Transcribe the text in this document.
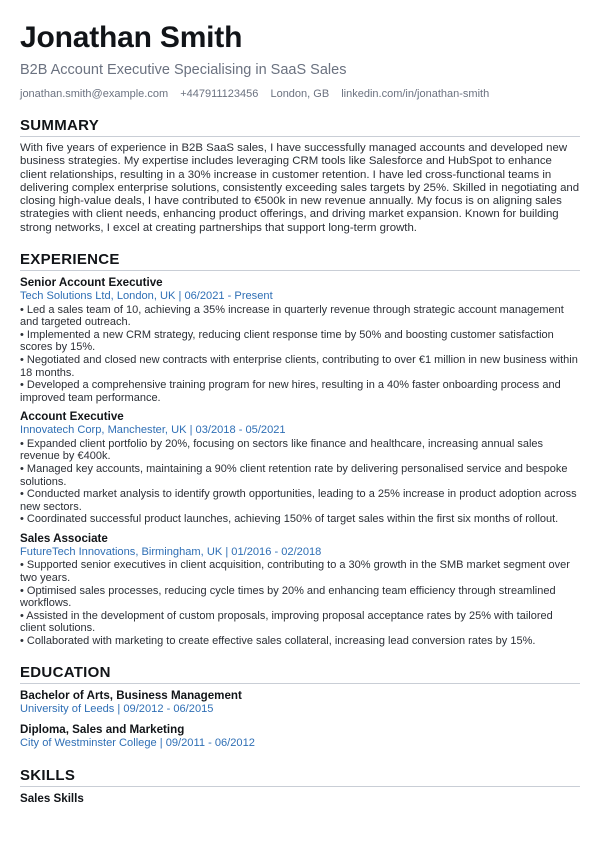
Jonathan Smith
B2B Account Executive Specialising in SaaS Sales
jonathan.smith@example.com +447911123456 London, GB linkedin.com/in/jonathan-smith
SUMMARY
With five years of experience in B2B SaaS sales, I have successfully managed accounts and developed new business strategies. My expertise includes leveraging CRM tools like Salesforce and HubSpot to enhance client relationships, resulting in a 30% increase in customer retention. I have led cross-functional teams in delivering complex enterprise solutions, consistently exceeding sales targets by 25%. Skilled in negotiating and closing high-value deals, I have contributed to €500k in new revenue annually. My focus is on aligning sales strategies with client needs, enhancing product offerings, and driving market expansion. Known for building strong networks, I excel at creating partnerships that support long-term growth.
EXPERIENCE
Senior Account Executive
Tech Solutions Ltd, London, UK | 06/2021 - Present
• Led a sales team of 10, achieving a 35% increase in quarterly revenue through strategic account management and targeted outreach.
• Implemented a new CRM strategy, reducing client response time by 50% and boosting customer satisfaction scores by 15%.
• Negotiated and closed new contracts with enterprise clients, contributing to over €1 million in new business within 18 months.
• Developed a comprehensive training program for new hires, resulting in a 40% faster onboarding process and improved team performance.
Account Executive
Innovatech Corp, Manchester, UK | 03/2018 - 05/2021
• Expanded client portfolio by 20%, focusing on sectors like finance and healthcare, increasing annual sales revenue by €400k.
• Managed key accounts, maintaining a 90% client retention rate by delivering personalised service and bespoke solutions.
• Conducted market analysis to identify growth opportunities, leading to a 25% increase in product adoption across new sectors.
• Coordinated successful product launches, achieving 150% of target sales within the first six months of rollout.
Sales Associate
FutureTech Innovations, Birmingham, UK | 01/2016 - 02/2018
• Supported senior executives in client acquisition, contributing to a 30% growth in the SMB market segment over two years.
• Optimised sales processes, reducing cycle times by 20% and enhancing team efficiency through streamlined workflows.
• Assisted in the development of custom proposals, improving proposal acceptance rates by 25% with tailored client solutions.
• Collaborated with marketing to create effective sales collateral, increasing lead conversion rates by 15%.
EDUCATION
Bachelor of Arts, Business Management
University of Leeds | 09/2012 - 06/2015
Diploma, Sales and Marketing
City of Westminster College | 09/2011 - 06/2012
SKILLS
Sales Skills
